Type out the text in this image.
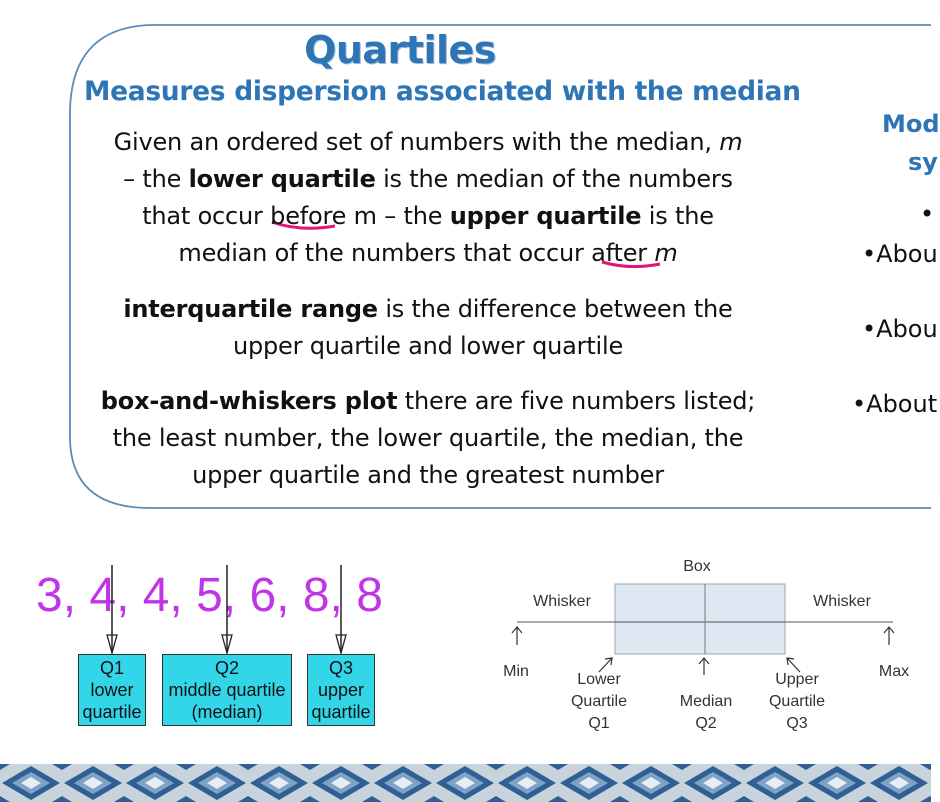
Quartiles
Measures dispersion associated with the median
Given an ordered set of numbers with the median, m
– the lower quartile is the median of the numbers
that occur before m – the upper quartile is the
median of the numbers that occur after m
interquartile range is the difference between the
upper quartile and lower quartile
box-and-whiskers plot there are five numbers listed;
the least number, the lower quartile, the median, the
upper quartile and the greatest number
Mod
sy
•
•Abou
•Abou
•About
3, 4, 4, 5, 6, 8, 8
Q1
lower
quartile
Q2
middle quartile
(median)
Q3
upper
quartile
Box
Whisker	Whisker
Min	Max
Lower
Quartile
Q1
Median
Q2
Upper
Quartile
Q3
